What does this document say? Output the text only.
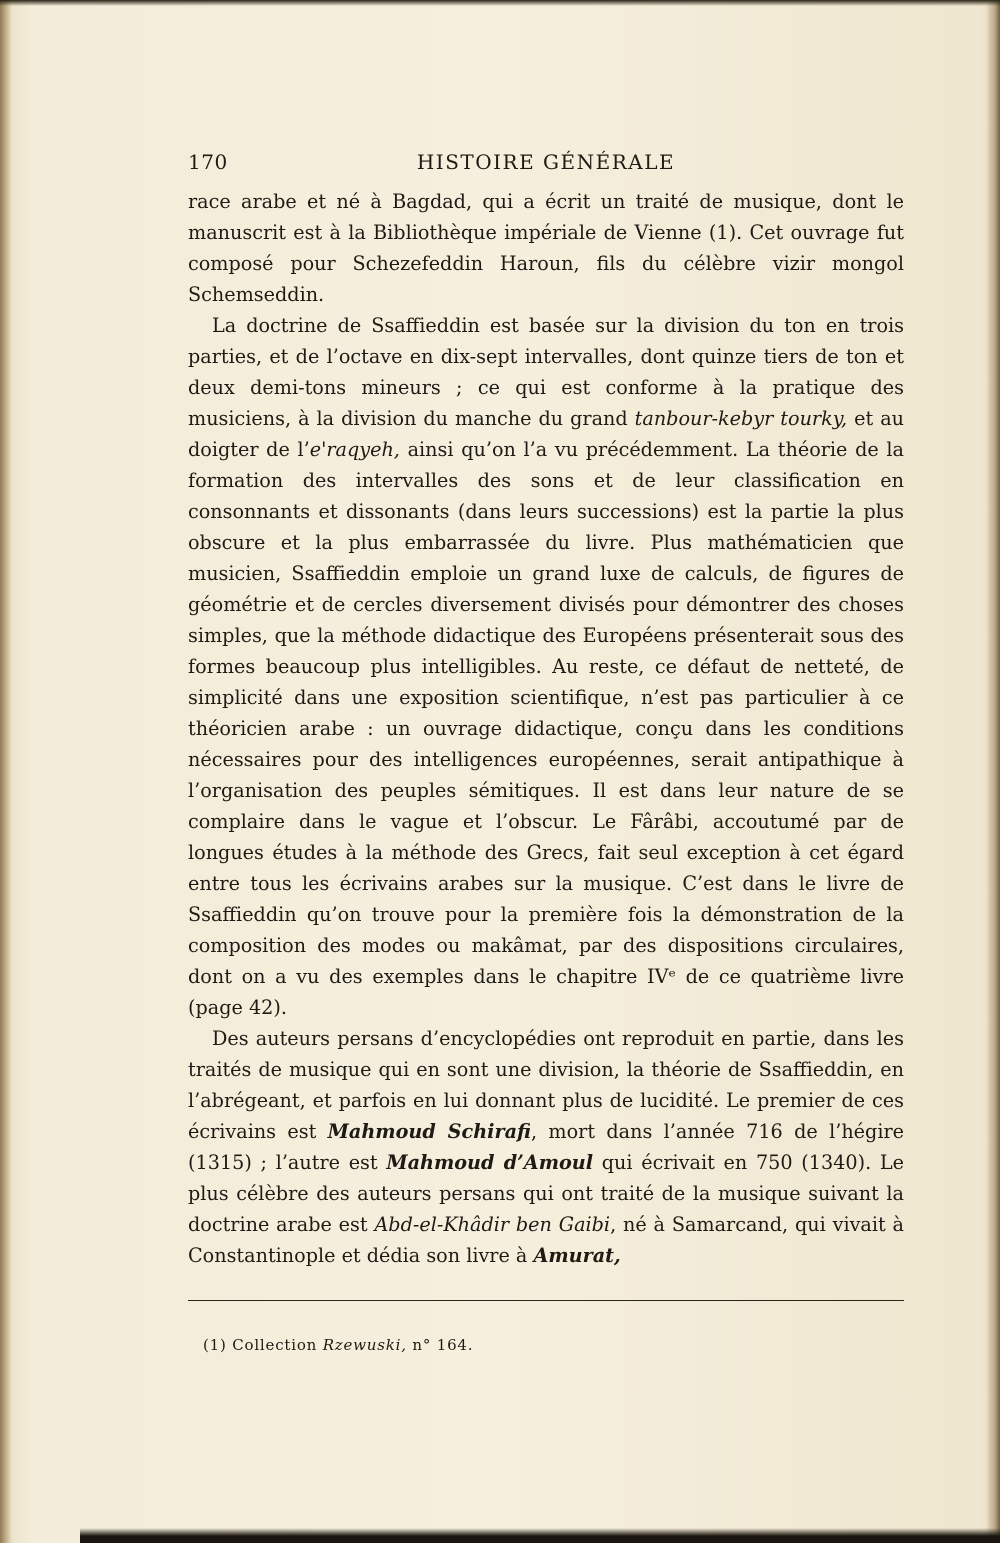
170	HISTOIRE GÉNÉRALE

race arabe et né à Bagdad, qui a écrit un traité de musique, dont le manuscrit est à la Bibliothèque impériale de Vienne (1). Cet ouvrage fut composé pour Schezefeddin Haroun, fils du célèbre vizir mongol Schemseddin.

La doctrine de Ssaffieddin est basée sur la division du ton en trois parties, et de l’octave en dix-sept intervalles, dont quinze tiers de ton et deux demi-tons mineurs ; ce qui est conforme à la pratique des musiciens, à la division du manche du grand tanbour-kebyr tourky, et au doigter de l’e'raqyeh, ainsi qu’on l’a vu précédemment. La théorie de la formation des intervalles des sons et de leur classification en consonnants et dissonants (dans leurs successions) est la partie la plus obscure et la plus embarrassée du livre. Plus mathématicien que musicien, Ssaffieddin emploie un grand luxe de calculs, de figures de géométrie et de cercles diversement divisés pour démontrer des choses simples, que la méthode didactique des Européens présenterait sous des formes beaucoup plus intelligibles. Au reste, ce défaut de netteté, de simplicité dans une exposition scientifique, n’est pas particulier à ce théoricien arabe : un ouvrage didactique, conçu dans les conditions nécessaires pour des intelligences européennes, serait antipathique à l’organisation des peuples sémitiques. Il est dans leur nature de se complaire dans le vague et l’obscur. Le Fârâbi, accoutumé par de longues études à la méthode des Grecs, fait seul exception à cet égard entre tous les écrivains arabes sur la musique. C’est dans le livre de Ssaffieddin qu’on trouve pour la première fois la démonstration de la composition des modes ou makâmat, par des dispositions circulaires, dont on a vu des exemples dans le chapitre IVᵉ de ce quatrième livre (page 42).

Des auteurs persans d’encyclopédies ont reproduit en partie, dans les traités de musique qui en sont une division, la théorie de Ssaffieddin, en l’abrégeant, et parfois en lui donnant plus de lucidité. Le premier de ces écrivains est Mahmoud Schirafi, mort dans l’année 716 de l’hégire (1315) ; l’autre est Mahmoud d’Amoul qui écrivait en 750 (1340). Le plus célèbre des auteurs persans qui ont traité de la musique suivant la doctrine arabe est Abd-el-Khâdir ben Gaibi, né à Samarcand, qui vivait à Constantinople et dédia son livre à Amurat,

(1) Collection Rzewuski, n° 164.
